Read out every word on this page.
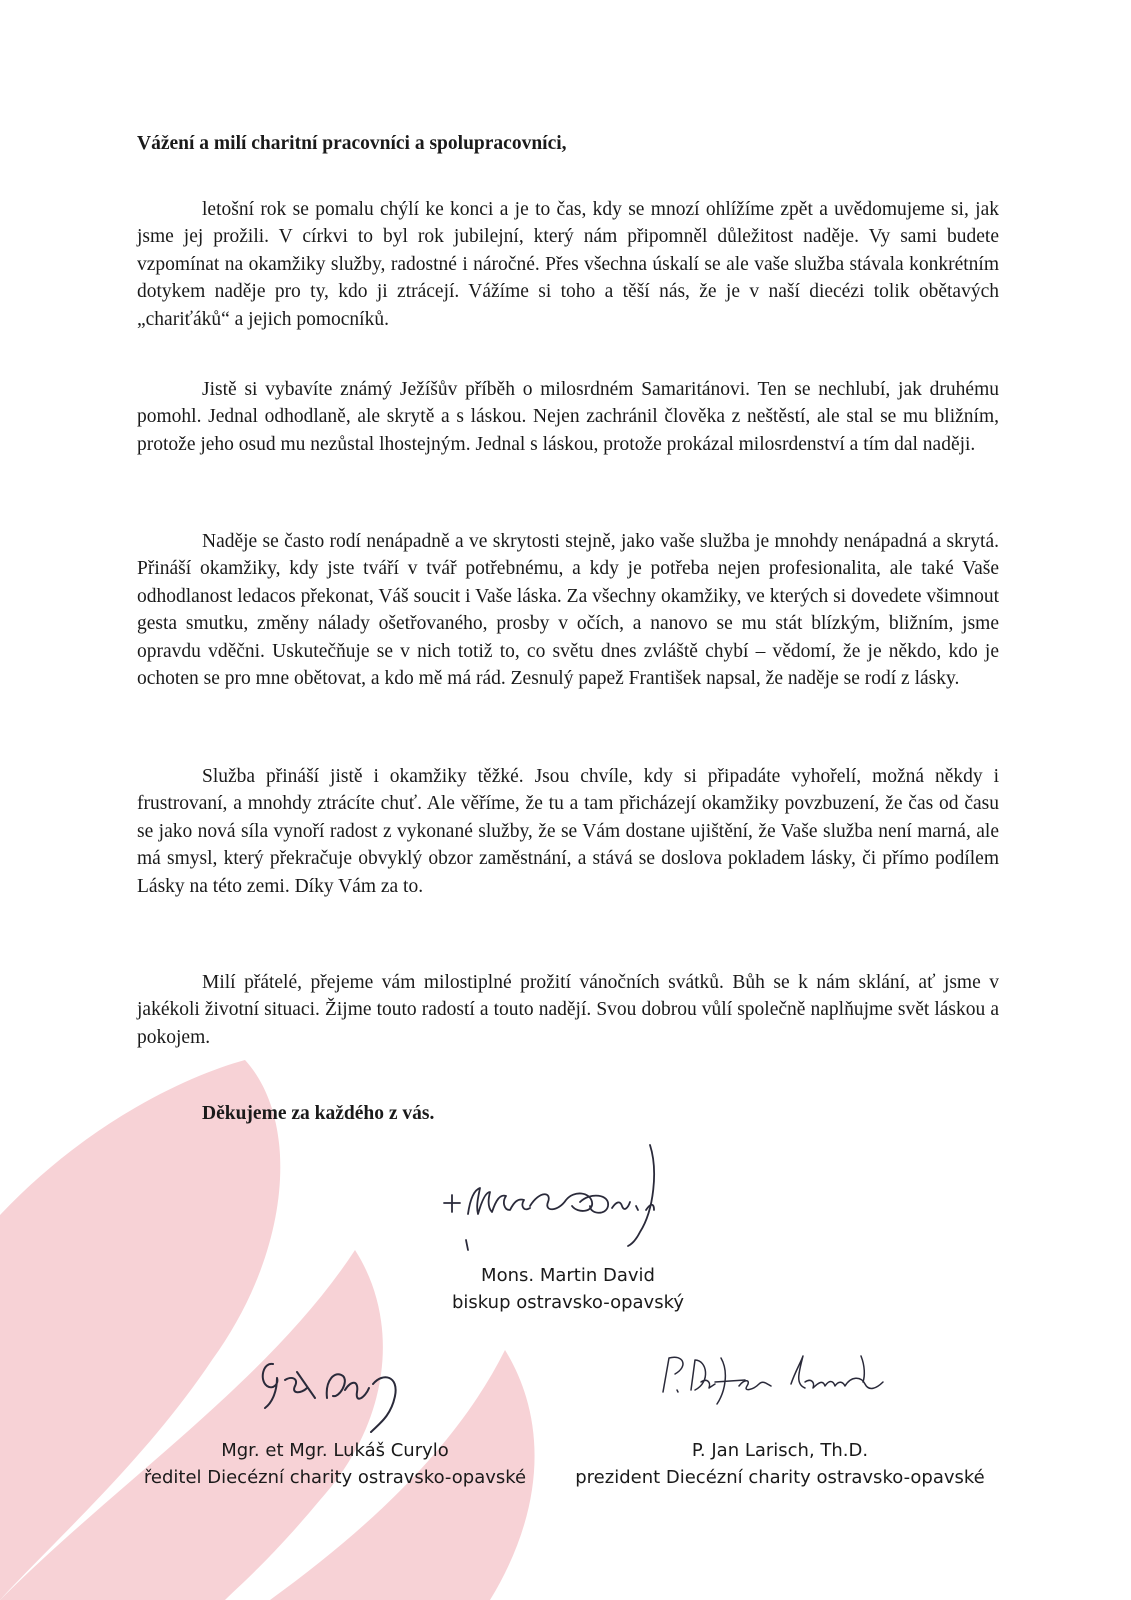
Vážení a milí charitní pracovníci a spolupracovníci,

letošní rok se pomalu chýlí ke konci a je to čas, kdy se mnozí ohlížíme zpět a uvědomujeme si, jak jsme jej prožili. V církvi to byl rok jubilejní, který nám připomněl důležitost naděje. Vy sami budete vzpomínat na okamžiky služby, radostné i náročné. Přes všechna úskalí se ale vaše služba stávala konkrétním dotykem naděje pro ty, kdo ji ztrácejí. Vážíme si toho a těší nás, že je v naší diecézi tolik obětavých „chariťáků“ a jejich pomocníků.

Jistě si vybavíte známý Ježíšův příběh o milosrdném Samaritánovi. Ten se nechlubí, jak druhému pomohl. Jednal odhodlaně, ale skrytě a s láskou. Nejen zachránil člověka z neštěstí, ale stal se mu bližním, protože jeho osud mu nezůstal lhostejným. Jednal s láskou, protože prokázal milosrdenství a tím dal naději.

Naděje se často rodí nenápadně a ve skrytosti stejně, jako vaše služba je mnohdy nenápadná a skrytá. Přináší okamžiky, kdy jste tváří v tvář potřebnému, a kdy je potřeba nejen profesionalita, ale také Vaše odhodlanost ledacos překonat, Váš soucit i Vaše láska. Za všechny okamžiky, ve kterých si dovedete všimnout gesta smutku, změny nálady ošetřovaného, prosby v očích, a nanovo se mu stát blízkým, bližním, jsme opravdu vděčni. Uskutečňuje se v nich totiž to, co světu dnes zvláště chybí – vědomí, že je někdo, kdo je ochoten se pro mne obětovat, a kdo mě má rád. Zesnulý papež František napsal, že naděje se rodí z lásky.

Služba přináší jistě i okamžiky těžké. Jsou chvíle, kdy si připadáte vyhořelí, možná někdy i frustrovaní, a mnohdy ztrácíte chuť. Ale věříme, že tu a tam přicházejí okamžiky povzbuzení, že čas od času se jako nová síla vynoří radost z vykonané služby, že se Vám dostane ujištění, že Vaše služba není marná, ale má smysl, který překračuje obvyklý obzor zaměstnání, a stává se doslova pokladem lásky, či přímo podílem Lásky na této zemi. Díky Vám za to.

Milí přátelé, přejeme vám milostiplné prožití vánočních svátků. Bůh se k nám sklání, ať jsme v jakékoli životní situaci. Žijme touto radostí a touto nadějí. Svou dobrou vůlí společně naplňujme svět láskou a pokojem.

Děkujeme za každého z vás.

Mons. Martin David
biskup ostravsko-opavský
Mgr. et Mgr. Lukáš Curylo
ředitel Diecézní charity ostravsko-opavské
P. Jan Larisch, Th.D.
prezident Diecézní charity ostravsko-opavské
